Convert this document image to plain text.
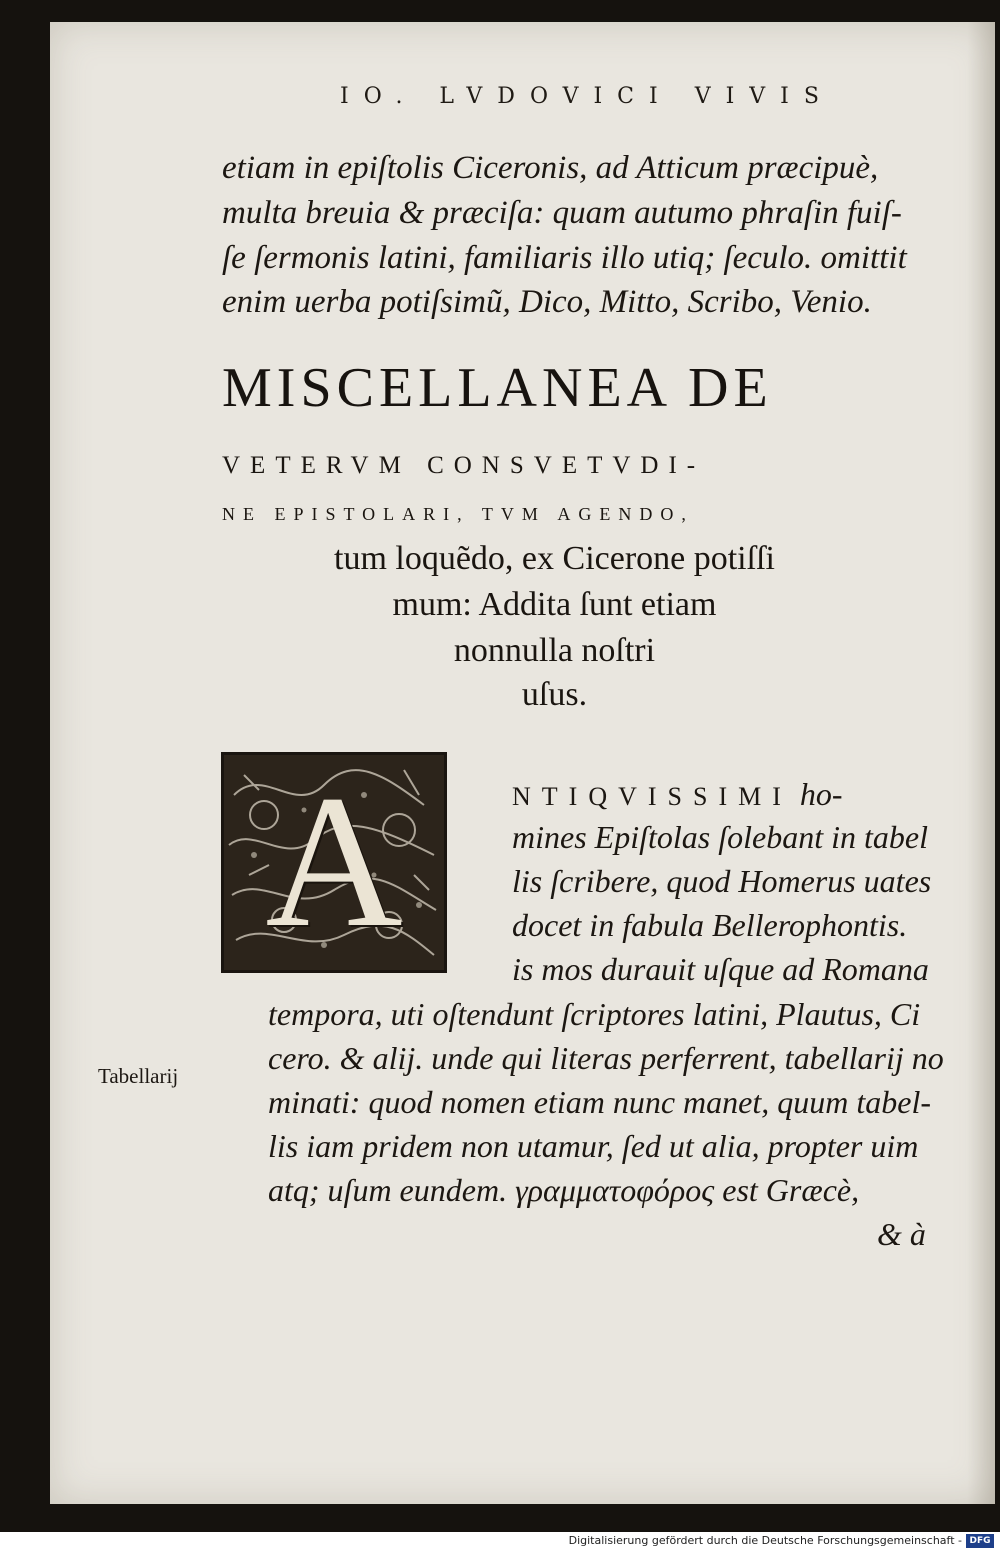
IO. LVDOVICI VIVIS
etiam in epiſtolis Ciceronis, ad Atticum præcipuè,
multa breuia & præciſa: quam autumo phraſin fuiſ-
ſe ſermonis latini, familiaris illo utiq; ſeculo. omittit
enim uerba potiſsimũ, Dico, Mitto, Scribo, Venio.
MISCELLANEA DE
VETERVM CONSVETVDI-
NE EPISTOLARI, TVM AGENDO,
tum loquẽdo, ex Cicerone potiſſi
mum: Addita ſunt etiam
nonnulla noſtri
uſus.
A	NTIQVISSIMI ho-
mines Epiſtolas ſolebant in tabel
lis ſcribere, quod Homerus uates
docet in fabula Bellerophontis.
is mos durauit uſque ad Romana
tempora, uti oſtendunt ſcriptores latini, Plautus, Ci
cero. & alij. unde qui literas perferrent, tabellarij no
minati: quod nomen etiam nunc manet, quum tabel-
lis iam pridem non utamur, ſed ut alia, propter uim
atq; uſum eundem. γραμματοφόρος est Græcè,
Tabellarij
& à
Digitalisierung gefördert durch die Deutsche Forschungsgemeinschaft - DFG
